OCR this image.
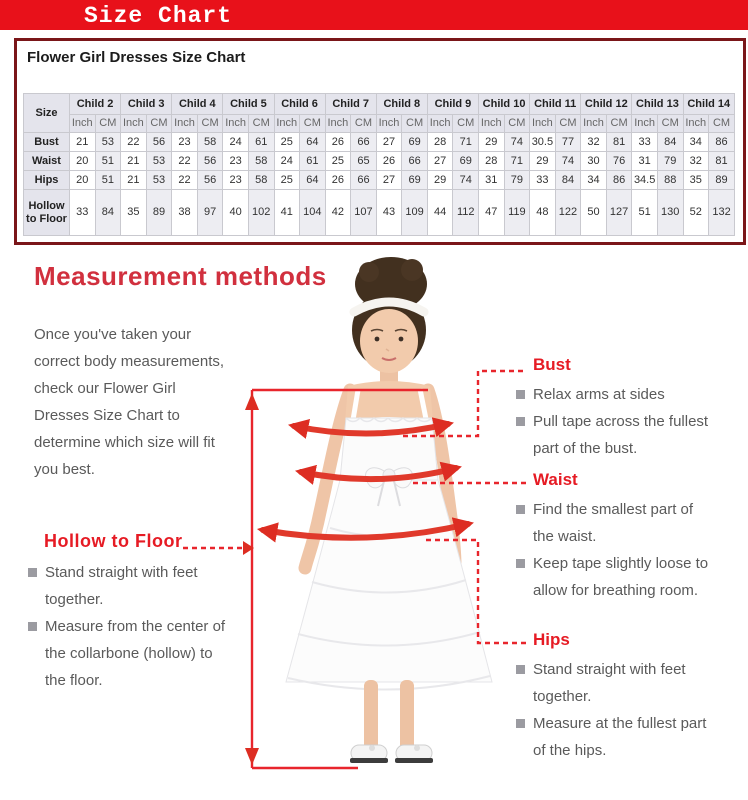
Size Chart
Flower Girl Dresses Size Chart
Size	Child 2		Child 3		Child 4		Child 5		Child 6		Child 7		Child 8		Child 9		Child 10		Child 11		Child 12		Child 13		Child 14	
	Inch	CM	Inch	CM	Inch	CM	Inch	CM	Inch	CM	Inch	CM	Inch	CM	Inch	CM	Inch	CM	Inch	CM	Inch	CM	Inch	CM	Inch	CM
Bust	21	53	22	56	23	58	24	61	25	64	26	66	27	69	28	71	29	74	30.5	77	32	81	33	84	34	86
Waist	20	51	21	53	22	56	23	58	24	61	25	65	26	66	27	69	28	71	29	74	30	76	31	79	32	81
Hips	20	51	21	53	22	56	23	58	25	64	26	66	27	69	29	74	31	79	33	84	34	86	34.5	88	35	89
Hollow to Floor	33	84	35	89	38	97	40	102	41	104	42	107	43	109	44	112	47	119	48	122	50	127	51	130	52	132
Measurement methods
Once you've taken your
correct body measurements,
check our Flower Girl
Dresses Size Chart to
determine which size will fit
you best.
Bust
Relax arms at sides
Pull tape across the fullest
part of the bust.
Waist
Find the smallest part of
the waist.
Keep tape slightly loose to
allow for breathing room.
Hips
Stand straight with feet
together.
Measure at the fullest part
of the hips.
Hollow to Floor
Stand straight with feet
together.
Measure from the center of
the collarbone (hollow) to
the floor.
